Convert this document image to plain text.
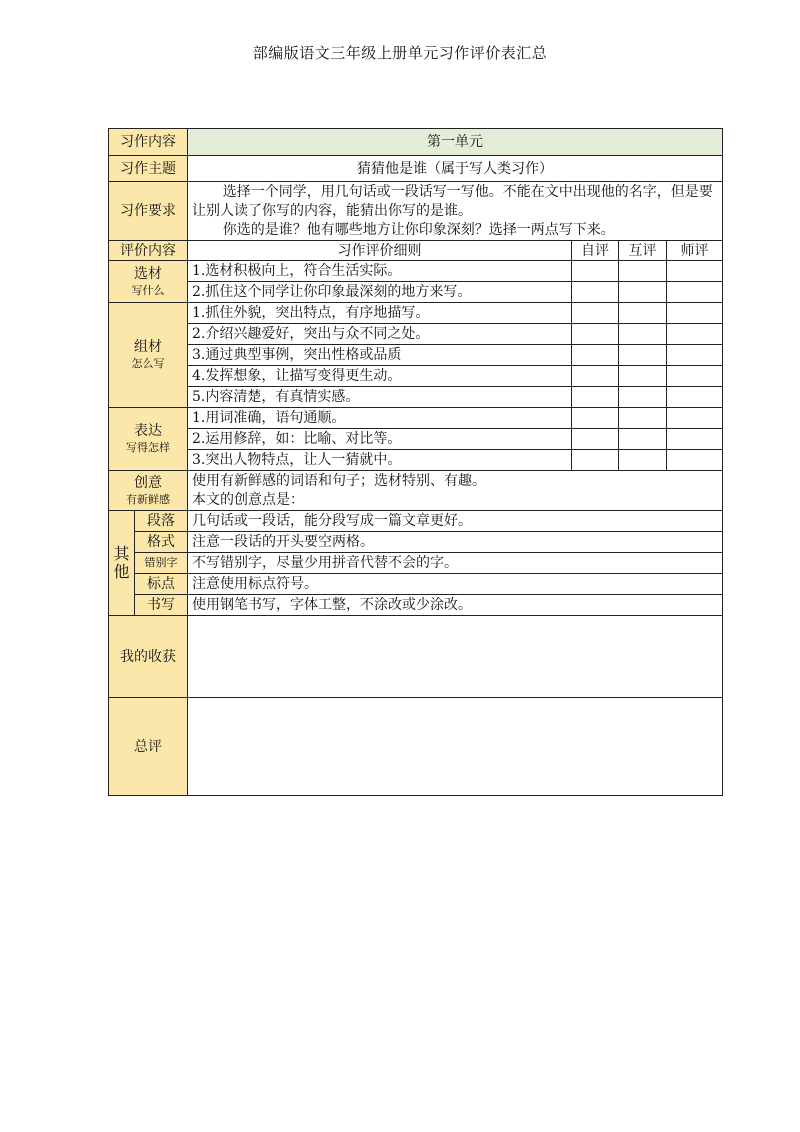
部编版语文三年级上册单元习作评价表汇总
习作内容		第一单元			
习作主题		猜猜他是谁（属于写人类习作）			
习作要求		选择一个同学，用几句话或一段话写一写他。不能在文中出现他的名字，但是要让别人读了你写的内容，能猜出你写的是谁。

你选的是谁？他有哪些地方让你印象深刻？选择一两点写下来。			

评价内容		习作评价细则	自评	互评	师评
选材
写什么		1.选材积极向上，符合生活实际。			
		2.抓住这个同学让你印象最深刻的地方来写。			
组材
怎么写		1.抓住外貌，突出特点，有序地描写。			
		2.介绍兴趣爱好，突出与众不同之处。			
		3.通过典型事例，突出性格或品质			
		4.发挥想象，让描写变得更生动。			
		5.内容清楚，有真情实感。			
表达
写得怎样		1.用词准确，语句通顺。			
		2.运用修辞，如：比喻、对比等。			
		3.突出人物特点，让人一猜就中。			
创意
有新鲜感		使用有新鲜感的词语和句子；选材特别、有趣。			
		本文的创意点是：			
其他	段落	几句话或一段话，能分段写成一篇文章更好。			
	格式	注意一段话的开头要空两格。			
	错别字	不写错别字，尽量少用拼音代替不会的字。			
	标点	注意使用标点符号。			
	书写	使用钢笔书写，字体工整，不涂改或少涂改。			
我的收获					
总评					
